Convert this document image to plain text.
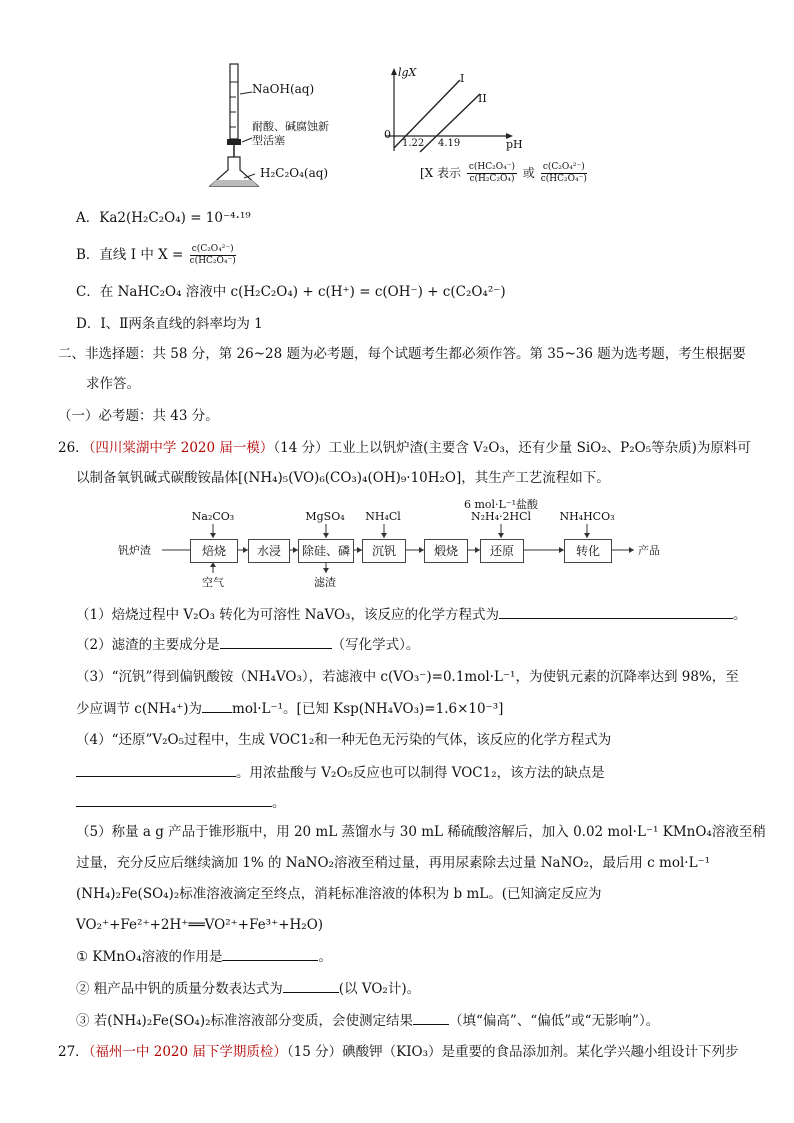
NaOH(aq)
耐酸、碱腐蚀新
型活塞
H₂C₂O₄(aq)
lgX	I
II
0
pH
1.22 4.19
[X 表示 $\frac{\text{c(HC₂O₄⁻)}}{\text{c(H₂C₂O₄)}}$ 或 $\frac{\text{c(C₂O₄²⁻)}}{\text{c(HC₂O₄⁻)}}$
A．Ka2(H₂C₂O₄) = 10⁻⁴·¹⁹
B．直线 I 中 $X = \frac{\text{c(C₂O₄²⁻)}}{\text{c(HC₂O₄⁻)}}$
C．在 NaHC₂O₄ 溶液中 c(H₂C₂O₄) + c(H⁺) = c(OH⁻) + c(C₂O₄²⁻)
D．Ⅰ、Ⅱ两条直线的斜率均为 1
二、非选择题：共 58 分，第 26~28 题为必考题，每个试题考生都必须作答。第 35~36 题为选考题，考生根据要
求作答。
（一）必考题：共 43 分。
26．（四川棠湖中学 2020 届一模）（14 分）工业上以钒炉渣(主要含 V₂O₃，还有少量 SiO₂、P₂O₅等杂质)为原料可
以制备氧钒碱式碳酸铵晶体[(NH₄)₅(VO)₆(CO₃)₄(OH)₉·10H₂O]，其生产工艺流程如下。
钒炉渣	焙烧	水浸	除硅、磷	沉钒	煅烧	还原	转化	产品
Na₂CO₃	MgSO₄	NH₄Cl
6 mol·L⁻¹盐酸
N₂H₄·2HCl	NH₄HCO₃
空气	滤渣
（1）焙烧过程中 V₂O₃ 转化为可溶性 NaVO₃，该反应的化学方程式为	。
（2）滤渣的主要成分是	（写化学式）。
（3）“沉钒”得到偏钒酸铵（NH₄VO₃），若滤液中 c(VO₃⁻)=0.1mol·L⁻¹，为使钒元素的沉降率达到 98%，至
少应调节 c(NH₄⁺)为 mol·L⁻¹。[已知 Ksp(NH₄VO₃)=1.6×10⁻³]
（4）“还原”V₂O₅过程中，生成 VOC1₂和一种无色无污染的气体，该反应的化学方程式为
。用浓盐酸与 V₂O₅反应也可以制得 VOC1₂，该方法的缺点是
。
（5）称量 a g 产品于锥形瓶中，用 20 mL 蒸馏水与 30 mL 稀硫酸溶解后，加入 0.02 mol·L⁻¹ KMnO₄溶液至稍
过量，充分反应后继续滴加 1% 的 NaNO₂溶液至稍过量，再用尿素除去过量 NaNO₂，最后用 c mol·L⁻¹
(NH₄)₂Fe(SO₄)₂标准溶液滴定至终点，消耗标准溶液的体积为 b mL。(已知滴定反应为
VO₂⁺+Fe²⁺+2H⁺══VO²⁺+Fe³⁺+H₂O)
① KMnO₄溶液的作用是	。
② 粗产品中钒的质量分数表达式为	(以 VO₂计)。
③ 若(NH₄)₂Fe(SO₄)₂标准溶液部分变质，会使测定结果	（填“偏高”、“偏低”或“无影响”）。
27．（福州一中 2020 届下学期质检）（15 分）碘酸钾（KIO₃）是重要的食品添加剂。某化学兴趣小组设计下列步
